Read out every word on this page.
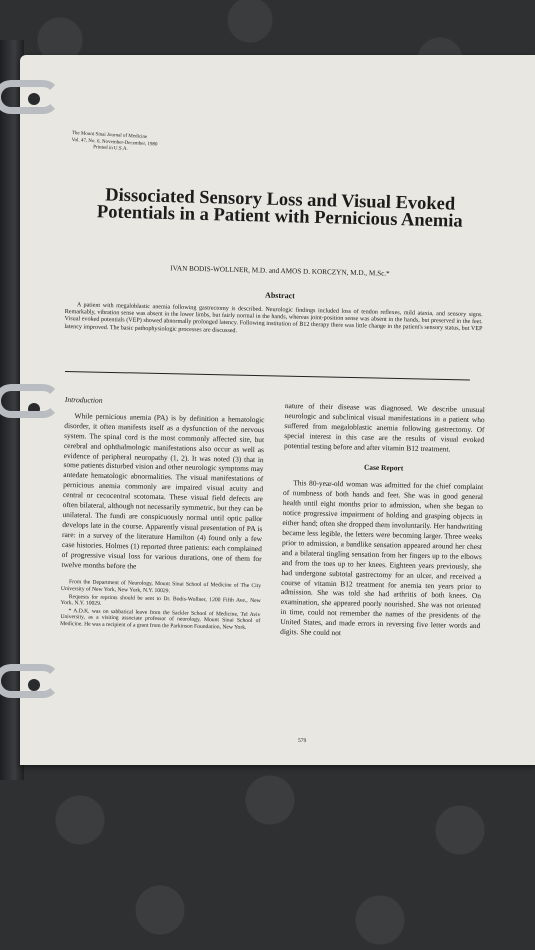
The Mount Sinai Journal of Medicine
Vol. 47, No. 6, November-December, 1980
Printed in U.S.A.
Dissociated Sensory Loss and Visual Evoked Potentials in a Patient with Pernicious Anemia
IVAN BODIS-WOLLNER, M.D. and AMOS D. KORCZYN, M.D., M.Sc.*
Abstract
A patient with megaloblastic anemia following gastrectomy is described. Neurologic findings included loss of tendon reflexes, mild ataxia, and sensory signs. Remarkably, vibration sense was absent in the lower limbs, but fairly normal in the hands, whereas joint-position sense was absent in the hands, but preserved in the feet. Visual evoked potentials (VEP) showed abnormally prolonged latency. Following institution of B12 therapy there was little change in the patient's sensory status, but VEP latency improved. The basic pathophysiologic processes are discussed.
Introduction

While pernicious anemia (PA) is by definition a hematologic disorder, it often manifests itself as a dysfunction of the nervous system. The spinal cord is the most commonly affected site, but cerebral and ophthalmologic manifestations also occur as well as evidence of peripheral neuropathy (1, 2). It was noted (3) that in some patients disturbed vision and other neurologic symptoms may antedate hematologic abnormalities. The visual manifestations of pernicious anemia commonly are impaired visual acuity and central or cecocentral scotomata. These visual field defects are often bilateral, although not necessarily symmetric, but they can be unilateral. The fundi are conspicuously normal until optic pallor develops late in the course. Apparently visual presentation of PA is rare: in a survey of the literature Hamilton (4) found only a few case histories. Holmes (1) reported three patients: each complained of progressive visual loss for various durations, one of them for twelve months before the

From the Department of Neurology, Mount Sinai School of Medicine of The City University of New York, New York, N.Y. 10029.

Requests for reprints should be sent to Dr. Bodis-Wollner, 1200 Fifth Ave., New York, N.Y. 10029.

* A.D.K. was on sabbatical leave from the Sackler School of Medicine, Tel Aviv University, as a visiting associate professor of neurology, Mount Sinai School of Medicine. He was a recipient of a grant from the Parkinson Foundation, New York.

nature of their disease was diagnosed. We describe unusual neurologic and subclinical visual manifestations in a patient who suffered from megaloblastic anemia following gastrectomy. Of special interest in this case are the results of visual evoked potential testing before and after vitamin B12 treatment.

Case Report

This 80-year-old woman was admitted for the chief complaint of numbness of both hands and feet. She was in good general health until eight months prior to admission, when she began to notice progressive impairment of holding and grasping objects in either hand; often she dropped them involuntarily. Her handwriting became less legible, the letters were becoming larger. Three weeks prior to admission, a bandlike sensation appeared around her chest and a bilateral tingling sensation from her fingers up to the elbows and from the toes up to her knees. Eighteen years previously, she had undergone subtotal gastrectomy for an ulcer, and received a course of vitamin B12 treatment for anemia ten years prior to admission. She was told she had arthritis of both knees. On examination, she appeared poorly nourished. She was not oriented in time, could not remember the names of the presidents of the United States, and made errors in reversing five letter words and digits. She could not

579
